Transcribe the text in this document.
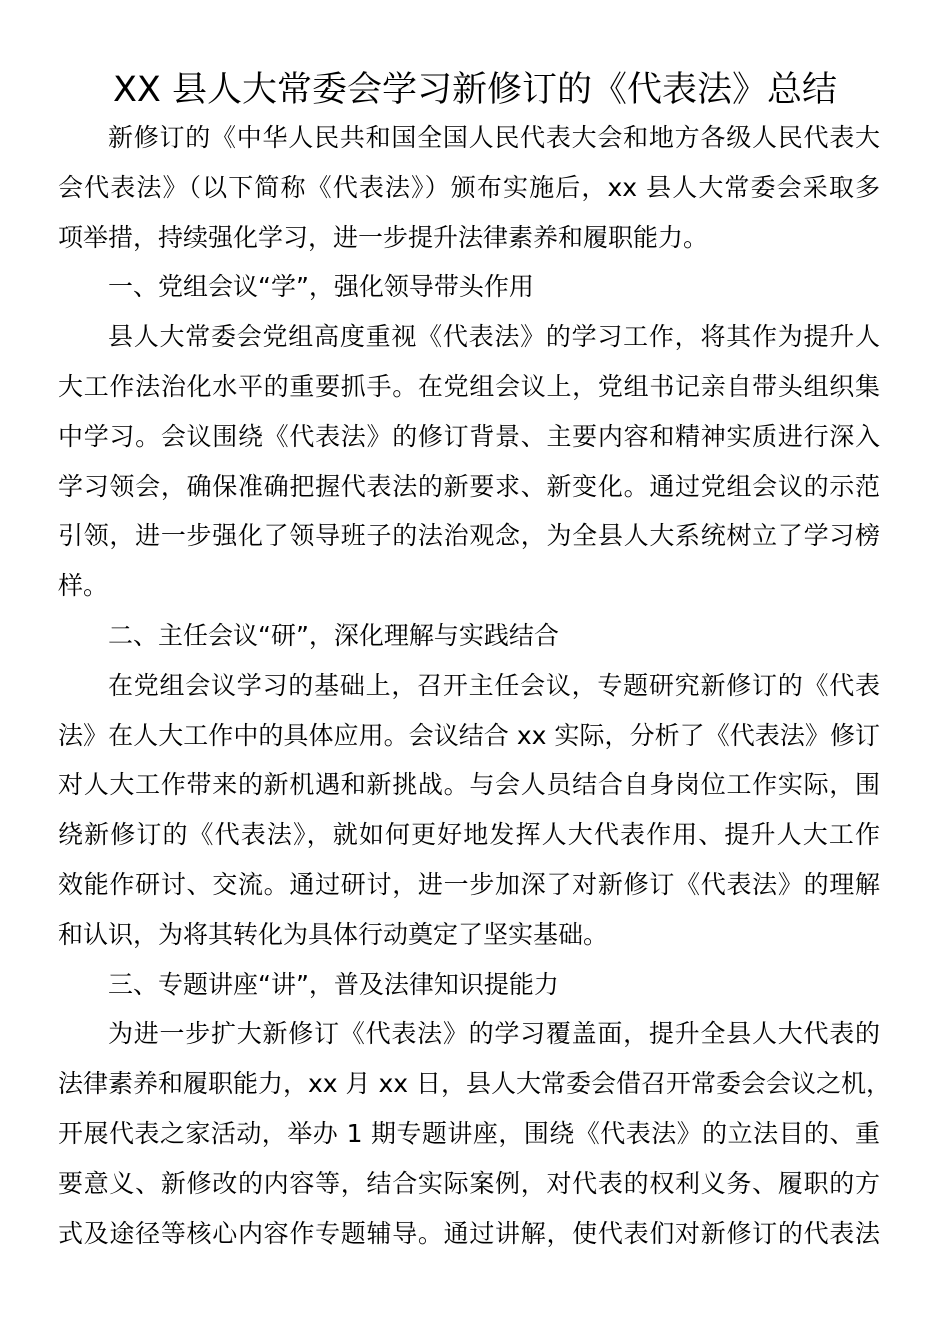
XX 县人大常委会学习新修订的《代表法》总结
新修订的《中华人民共和国全国人民代表大会和地方各级人民代表大
会代表法》（以下简称《代表法》）颁布实施后，xx 县人大常委会采取多
项举措，持续强化学习，进一步提升法律素养和履职能力。
一、党组会议“学”，强化领导带头作用
县人大常委会党组高度重视《代表法》的学习工作，将其作为提升人
大工作法治化水平的重要抓手。在党组会议上，党组书记亲自带头组织集
中学习。会议围绕《代表法》的修订背景、主要内容和精神实质进行深入
学习领会，确保准确把握代表法的新要求、新变化。通过党组会议的示范
引领，进一步强化了领导班子的法治观念，为全县人大系统树立了学习榜
样。
二、主任会议“研”，深化理解与实践结合
在党组会议学习的基础上，召开主任会议，专题研究新修订的《代表
法》在人大工作中的具体应用。会议结合 xx 实际，分析了《代表法》修订
对人大工作带来的新机遇和新挑战。与会人员结合自身岗位工作实际，围
绕新修订的《代表法》，就如何更好地发挥人大代表作用、提升人大工作
效能作研讨、交流。通过研讨，进一步加深了对新修订《代表法》的理解
和认识，为将其转化为具体行动奠定了坚实基础。
三、专题讲座“讲”，普及法律知识提能力
为进一步扩大新修订《代表法》的学习覆盖面，提升全县人大代表的
法律素养和履职能力，xx 月 xx 日，县人大常委会借召开常委会会议之机，
开展代表之家活动，举办 1 期专题讲座，围绕《代表法》的立法目的、重
要意义、新修改的内容等，结合实际案例，对代表的权利义务、履职的方
式及途径等核心内容作专题辅导。通过讲解，使代表们对新修订的代表法
